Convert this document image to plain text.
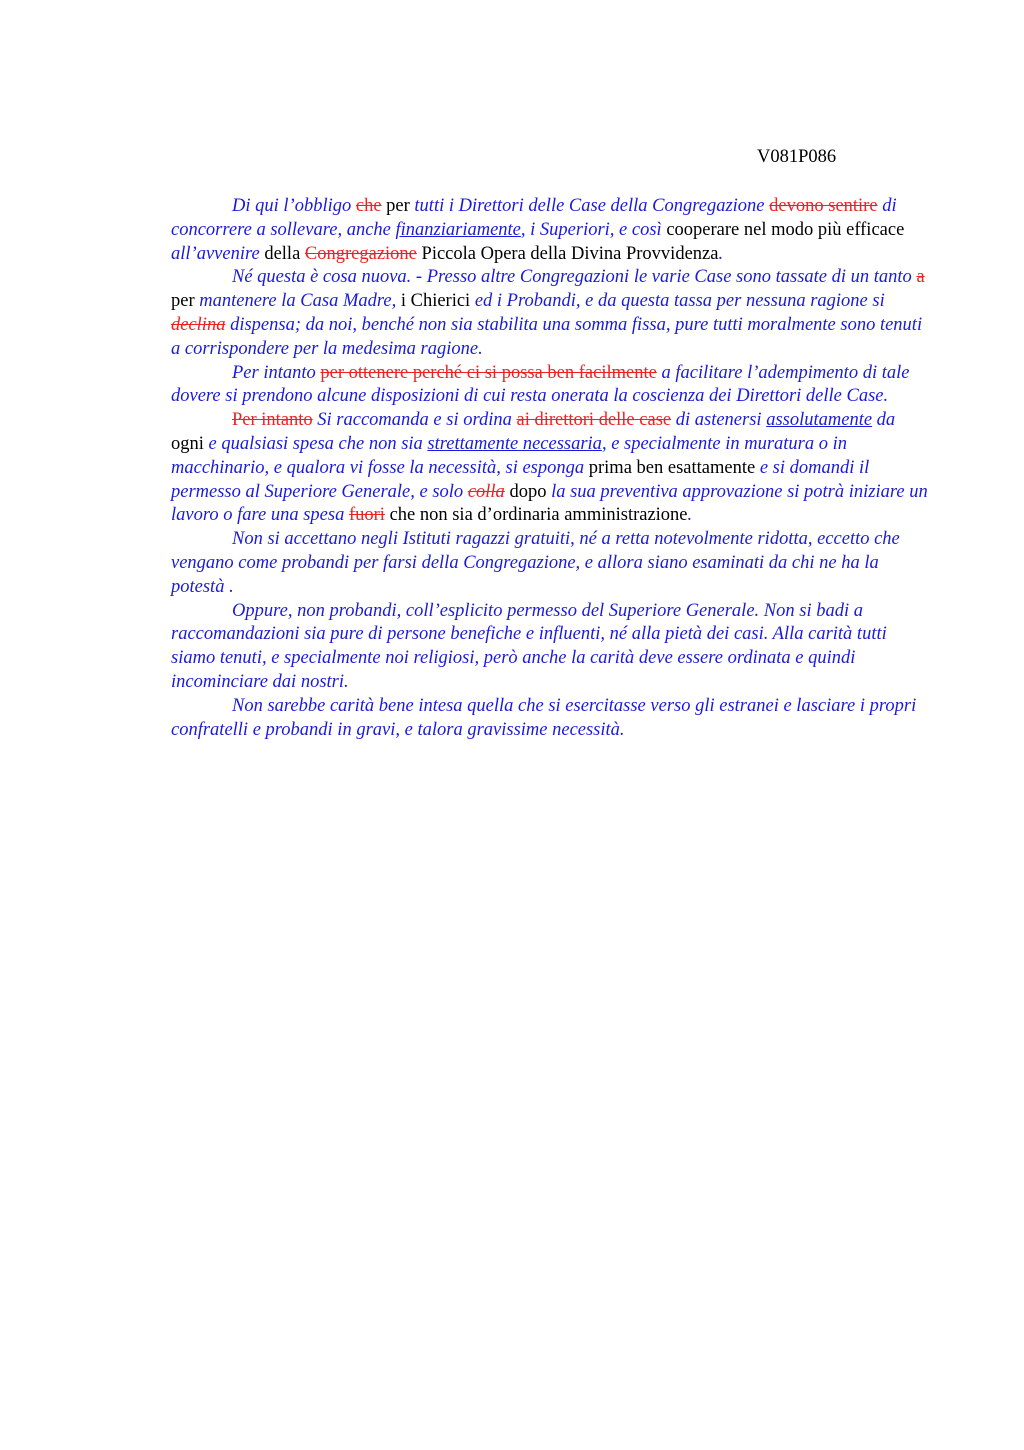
V081P086

Di qui l’obbligo che per tutti i Direttori delle Case della Congregazione devono sentire di concorrere a sollevare, anche finanziariamente, i Superiori, e così cooperare nel modo più efficace all’avvenire della Congregazione Piccola Opera della Divina Provvidenza.

Né questa è cosa nuova. - Presso altre Congregazioni le varie Case sono tassate di un tanto a per mantenere la Casa Madre, i Chierici ed i Probandi, e da questa tassa per nessuna ragione si declina dispensa; da noi, benché non sia stabilita una somma fissa, pure tutti moralmente sono tenuti a corrispondere per la medesima ragione.

Per intanto per ottenere perché ci si possa ben facilmente a facilitare l’adempimento di tale dovere si prendono alcune disposizioni di cui resta onerata la coscienza dei Direttori delle Case.

Per intanto Si raccomanda e si ordina ai direttori delle case di astenersi assolutamente da ogni e qualsiasi spesa che non sia strettamente necessaria, e specialmente in muratura o in macchinario, e qualora vi fosse la necessità, si esponga prima ben esattamente e si domandi il permesso al Superiore Generale, e solo colla dopo la sua preventiva approvazione si potrà iniziare un lavoro o fare una spesa fuori che non sia d’ordinaria amministrazione.

Non si accettano negli Istituti ragazzi gratuiti, né a retta notevolmente ridotta, eccetto che vengano come probandi per farsi della Congregazione, e allora siano esaminati da chi ne ha la potestà .

Oppure, non probandi, coll’esplicito permesso del Superiore Generale. Non si badi a raccomandazioni sia pure di persone benefiche e influenti, né alla pietà dei casi. Alla carità tutti siamo tenuti, e specialmente noi religiosi, però anche la carità deve essere ordinata e quindi incominciare dai nostri.

Non sarebbe carità bene intesa quella che si esercitasse verso gli estranei e lasciare i propri confratelli e probandi in gravi, e talora gravissime necessità.
